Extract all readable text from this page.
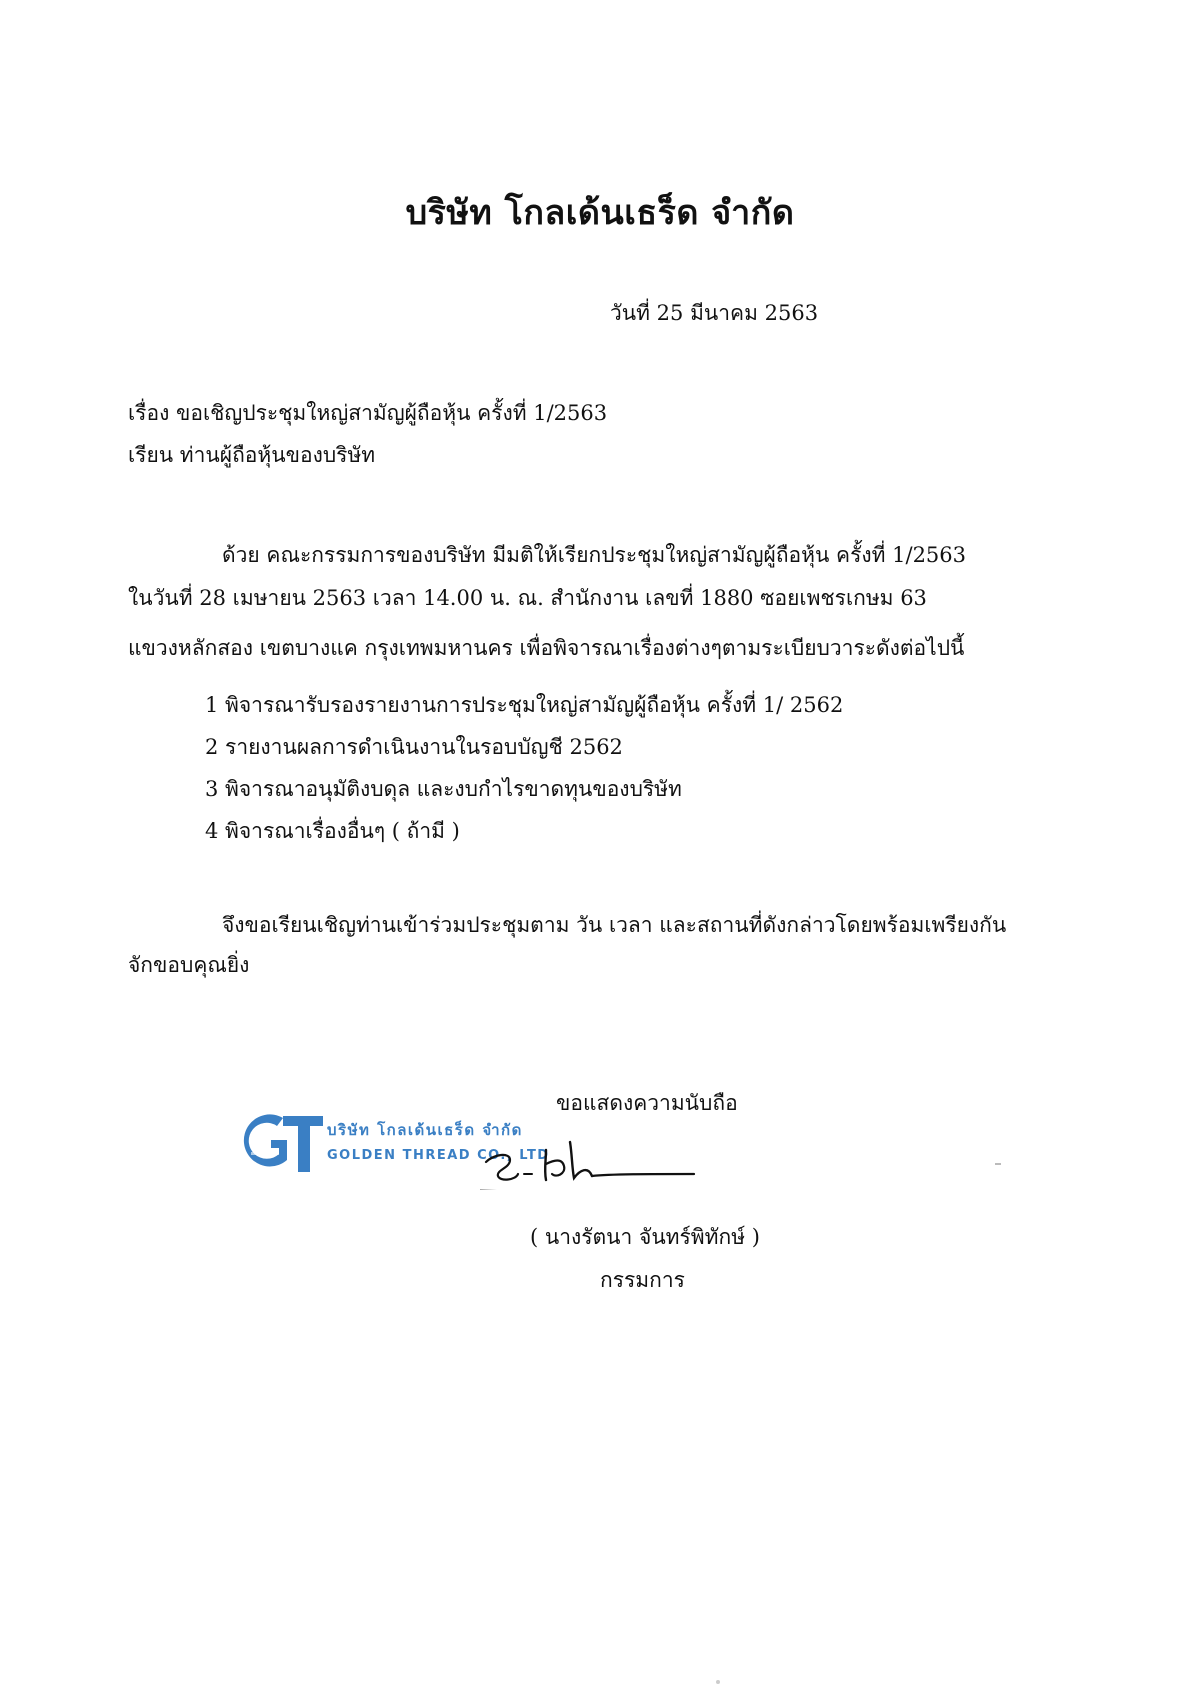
บริษัท โกลเด้นเธร็ด จำกัด
วันที่ 25 มีนาคม 2563
เรื่อง ขอเชิญประชุมใหญ่สามัญผู้ถือหุ้น ครั้งที่ 1/2563
เรียน ท่านผู้ถือหุ้นของบริษัท
ด้วย คณะกรรมการของบริษัท มีมติให้เรียกประชุมใหญ่สามัญผู้ถือหุ้น ครั้งที่ 1/2563
ในวันที่ 28 เมษายน 2563 เวลา 14.00 น. ณ. สำนักงาน เลขที่ 1880 ซอยเพชรเกษม 63
แขวงหลักสอง เขตบางแค กรุงเทพมหานคร เพื่อพิจารณาเรื่องต่างๆตามระเบียบวาระดังต่อไปนี้
1 พิจารณารับรองรายงานการประชุมใหญ่สามัญผู้ถือหุ้น ครั้งที่ 1/ 2562
2 รายงานผลการดำเนินงานในรอบบัญชี 2562
3 พิจารณาอนุมัติงบดุล และงบกำไรขาดทุนของบริษัท
4 พิจารณาเรื่องอื่นๆ ( ถ้ามี )
จึงขอเรียนเชิญท่านเข้าร่วมประชุมตาม วัน เวลา และสถานที่ดังกล่าวโดยพร้อมเพรียงกัน
จักขอบคุณยิ่ง
ขอแสดงความนับถือ
บริษัท โกลเด้นเธร็ด จำกัด
GOLDEN THREAD CO., LTD
( นางรัตนา จันทร์พิทักษ์ )
กรรมการ
